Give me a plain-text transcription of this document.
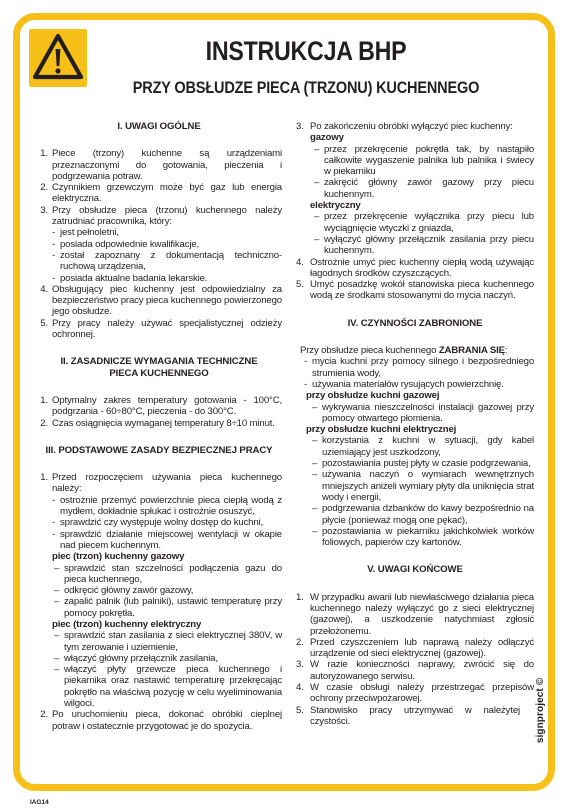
INSTRUKCJA BHP
PRZY OBSŁUDZE PIECA (TRZONU) KUCHENNEGO
I. UWAGI OGÓLNE
1. Piece (trzony) kuchenne są urządzeniami przeznaczonymi do gotowania, pieczenia i podgrzewania potraw.
2. Czynnikiem grzewczym może być gaz lub energia elektryczna.
3. Przy obsłudze pieca (trzonu) kuchennego należy zatrudniać pracownika, który:
- jest pełnoletni,
- posiada odpowiednie kwalifikacje,
- został zapoznany z dokumentacją techniczno-ruchową urządzenia,
- posiada aktualne badania lekarskie.
4. Obsługujący piec kuchenny jest odpowiedzialny za bezpieczeństwo pracy pieca kuchennego powierzonego jego obsłudze.
5. Przy pracy należy używać specjalistycznej odzieży ochronnej.
II. ZASADNICZE WYMAGANIA TECHNICZNE PIECA KUCHENNEGO
1. Optymalny zakres temperatury gotowania - 100°C, podgrzania - 60÷80°C, pieczenia - do 300°C.
2. Czas osiągnięcia wymaganej temperatury 8÷10 minut.
III. PODSTAWOWE ZASADY BEZPIECZNEJ PRACY
1. Przed rozpoczęciem używania pieca kuchennego należy:
- ostrożnie przemyć powierzchnie pieca ciepłą wodą z mydłem, dokładnie spłukać i ostrożnie osuszyć,
- sprawdzić czy występuje wolny dostęp do kuchni,
- sprawdzić działanie miejscowej wentylacji w okapie nad piecem kuchennym.
piec (trzon) kuchenny gazowy
– sprawdzić stan szczelności podłączenia gazu do pieca kuchennego,
– odkręcić główny zawór gazowy,
– zapalić palnik (lub palniki), ustawić temperaturę przy pomocy pokrętła.
piec (trzon) kuchenny elektryczny
– sprawdzić stan zasilania z sieci elektrycznej 380V, w tym zerowanie i uziemienie,
– włączyć główny przełącznik zasilania,
– włączyć płyty grzewcze pieca kuchennego i piekarnika oraz nastawić temperaturę przekręcając pokrętło na właściwą pozycję w celu wyeliminowania wilgoci.
2. Po uruchomieniu pieca, dokonać obróbki cieplnej potraw i ostatecznie przygotować je do spożycia.
3. Po zakończeniu obróbki wyłączyć piec kuchenny:
gazowy
– przez przekręcenie pokrętła tak, by nastąpiło całkowite wygaszenie palnika lub palnika i świecy w piekarniku
– zakręcić główny zawór gazowy przy piecu kuchennym.
elektryczny
– przez przekręcenie wyłącznika przy piecu lub wyciągnięcie wtyczki z gniazda,
– wyłączyć główny przełącznik zasilania przy piecu kuchennym.
4. Ostrożnie umyć piec kuchenny ciepłą wodą używając łagodnych środków czyszczących.
5. Umyć posadzkę wokół stanowiska pieca kuchennego wodą ze środkami stosowanymi do mycia naczyń.
IV. CZYNNOŚCI ZABRONIONE
Przy obsłudze pieca kuchennego ZABRANIA SIĘ:
- mycia kuchni przy pomocy silnego i bezpośredniego strumienia wody,
- używania materiałów rysujących powierzchnię.
przy obsłudze kuchni gazowej
– wykrywania nieszczelności instalacji gazowej przy pomocy otwartego płomienia.
przy obsłudze kuchni elektrycznej
– korzystania z kuchni w sytuacji, gdy kabel uziemiający jest uszkodzony,
– pozostawiania pustej płyty w czasie podgrzewania,
– używania naczyń o wymiarach wewnętrznych mniejszych aniżeli wymiary płyty dla uniknięcia strat wody i energii,
– podgrzewania dzbanków do kawy bezpośrednio na płycie (ponieważ mogą one pękać),
– pozostawiania w piekarniku jakichkolwiek worków foliowych, papierów czy kartonów.
V. UWAGI KOŃCOWE
1. W przypadku awarii lub niewłaściwego działania pieca kuchennego należy wyłączyć go z sieci elektrycznej (gazowej), a uszkodzenie natychmiast zgłosić przełożonemu.
2. Przed czyszczeniem lub naprawą należy odłączyć urządzenie od sieci elektrycznej (gazowej).
3. W razie konieczności naprawy, zwrócić się do autoryzowanego serwisu.
4. W czasie obsługi należy przestrzegać przepisów ochrony przeciwpożarowej.
5. Stanowisko pracy utrzymywać w należytej czystości.	signproject ©
IAG14
